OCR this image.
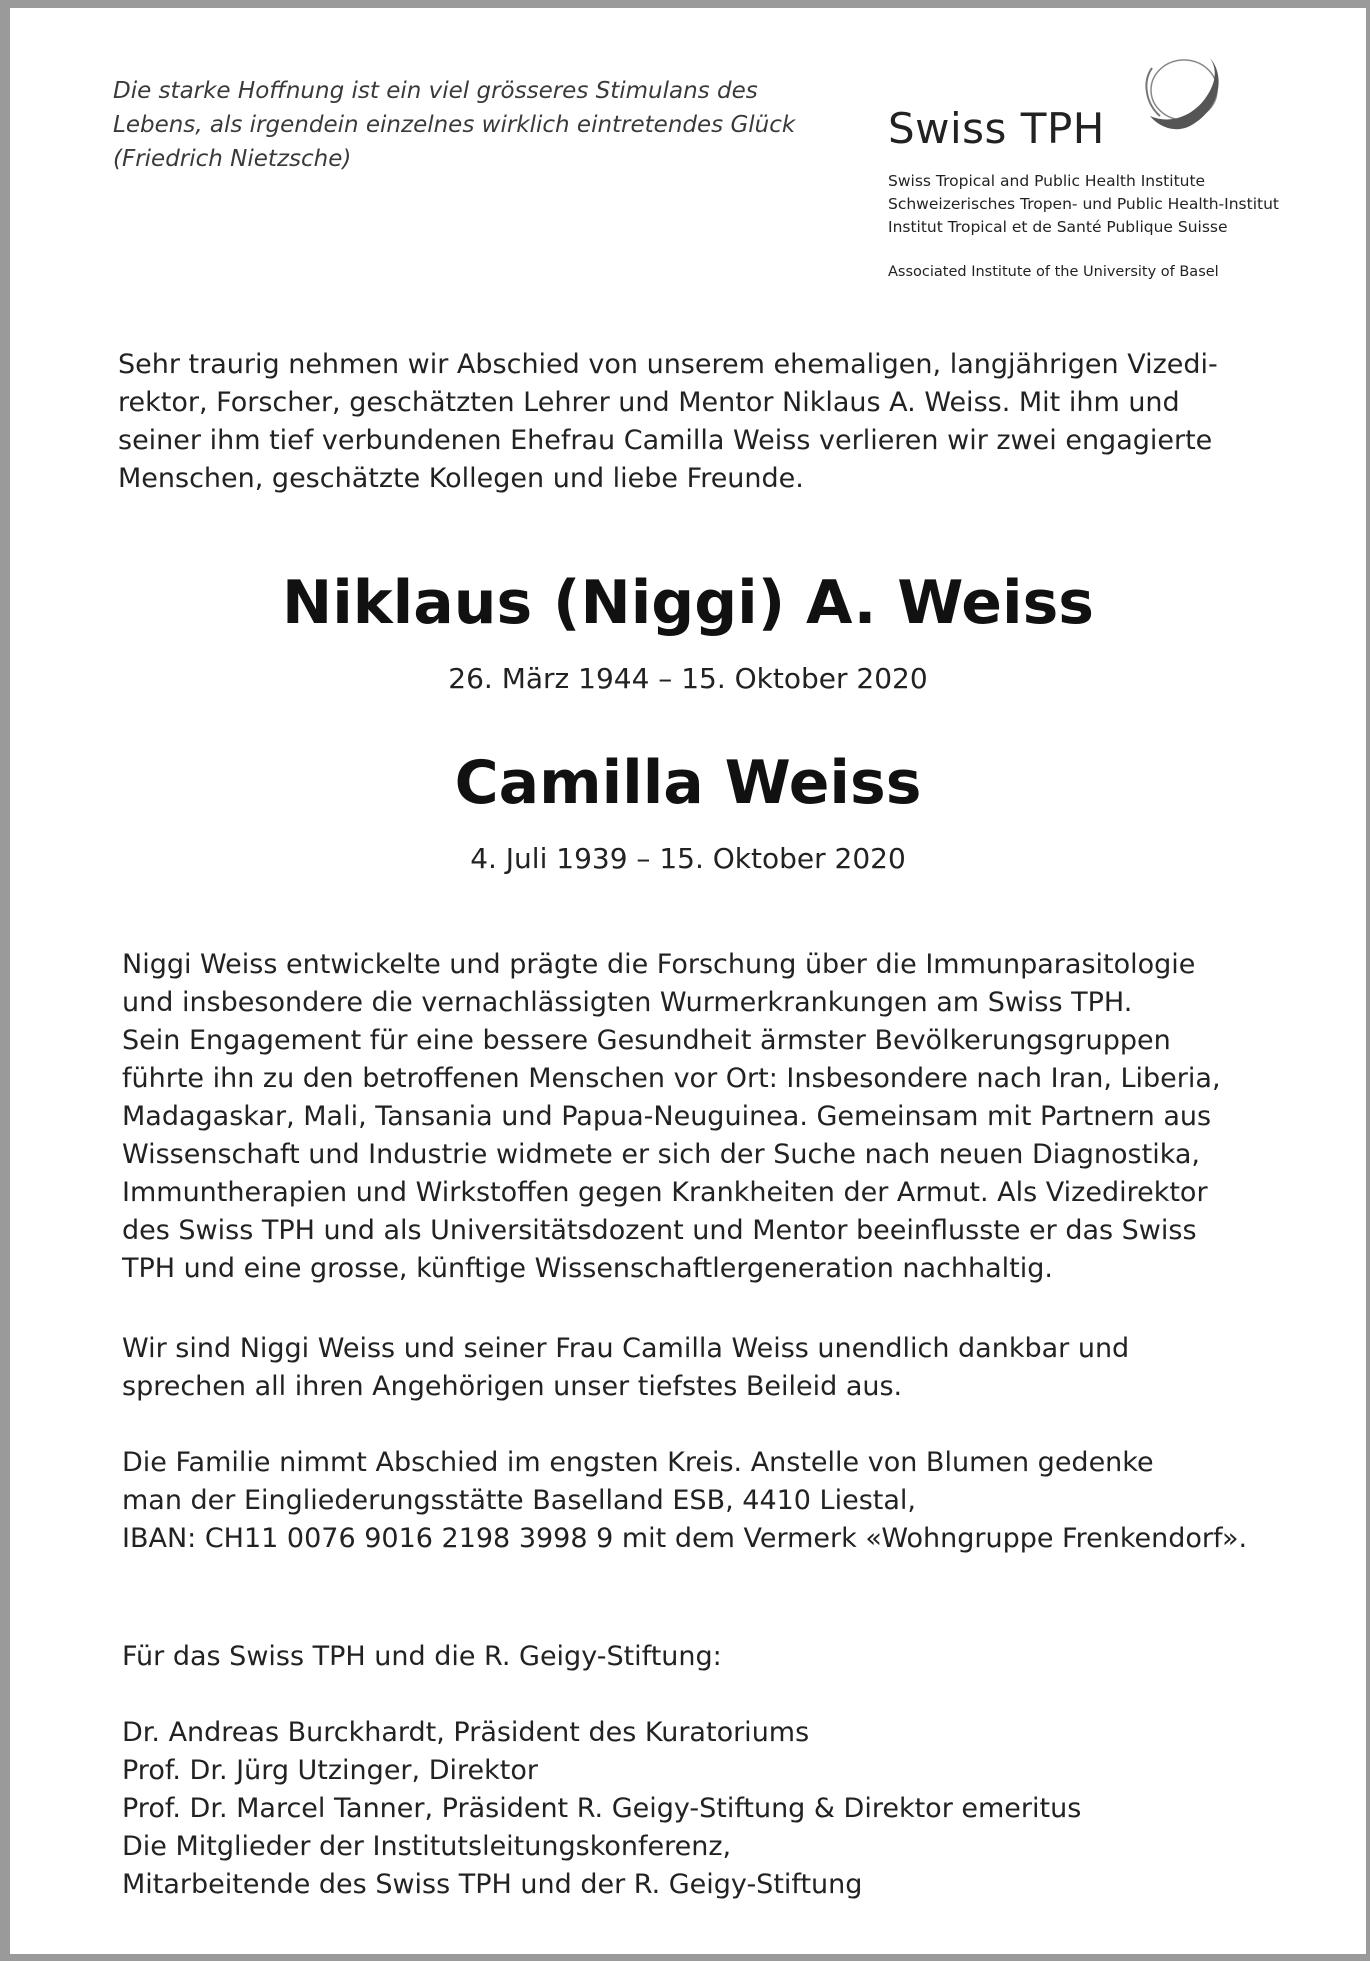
Die starke Hoffnung ist ein viel grösseres Stimulans des
Lebens, als irgendein einzelnes wirklich eintretendes Glück
(Friedrich Nietzsche)
Swiss TPH
Swiss Tropical and Public Health Institute
Schweizerisches Tropen- und Public Health-Institut
Institut Tropical et de Santé Publique Suisse
Associated Institute of the University of Basel
Sehr traurig nehmen wir Abschied von unserem ehemaligen, langjährigen Vizedi-
rektor, Forscher, geschätzten Lehrer und Mentor Niklaus A. Weiss. Mit ihm und
seiner ihm tief verbundenen Ehefrau Camilla Weiss verlieren wir zwei engagierte
Menschen, geschätzte Kollegen und liebe Freunde.
Niklaus (Niggi) A. Weiss
26. März 1944 – 15. Oktober 2020
Camilla Weiss
4. Juli 1939 – 15. Oktober 2020
Niggi Weiss entwickelte und prägte die Forschung über die Immunparasitologie
und insbesondere die vernachlässigten Wurmerkrankungen am Swiss TPH.
Sein Engagement für eine bessere Gesundheit ärmster Bevölkerungsgruppen
führte ihn zu den betroffenen Menschen vor Ort: Insbesondere nach Iran, Liberia,
Madagaskar, Mali, Tansania und Papua-Neuguinea. Gemeinsam mit Partnern aus
Wissenschaft und Industrie widmete er sich der Suche nach neuen Diagnostika,
Immuntherapien und Wirkstoffen gegen Krankheiten der Armut. Als Vizedirektor
des Swiss TPH und als Universitätsdozent und Mentor beeinflusste er das Swiss
TPH und eine grosse, künftige Wissenschaftlergeneration nachhaltig.
Wir sind Niggi Weiss und seiner Frau Camilla Weiss unendlich dankbar und
sprechen all ihren Angehörigen unser tiefstes Beileid aus.
Die Familie nimmt Abschied im engsten Kreis. Anstelle von Blumen gedenke
man der Eingliederungsstätte Baselland ESB, 4410 Liestal,
IBAN: CH11 0076 9016 2198 3998 9 mit dem Vermerk «Wohngruppe Frenkendorf».
Für das Swiss TPH und die R. Geigy-Stiftung:
Dr. Andreas Burckhardt, Präsident des Kuratoriums
Prof. Dr. Jürg Utzinger, Direktor
Prof. Dr. Marcel Tanner, Präsident R. Geigy-Stiftung & Direktor emeritus
Die Mitglieder der Institutsleitungskonferenz,
Mitarbeitende des Swiss TPH und der R. Geigy-Stiftung
